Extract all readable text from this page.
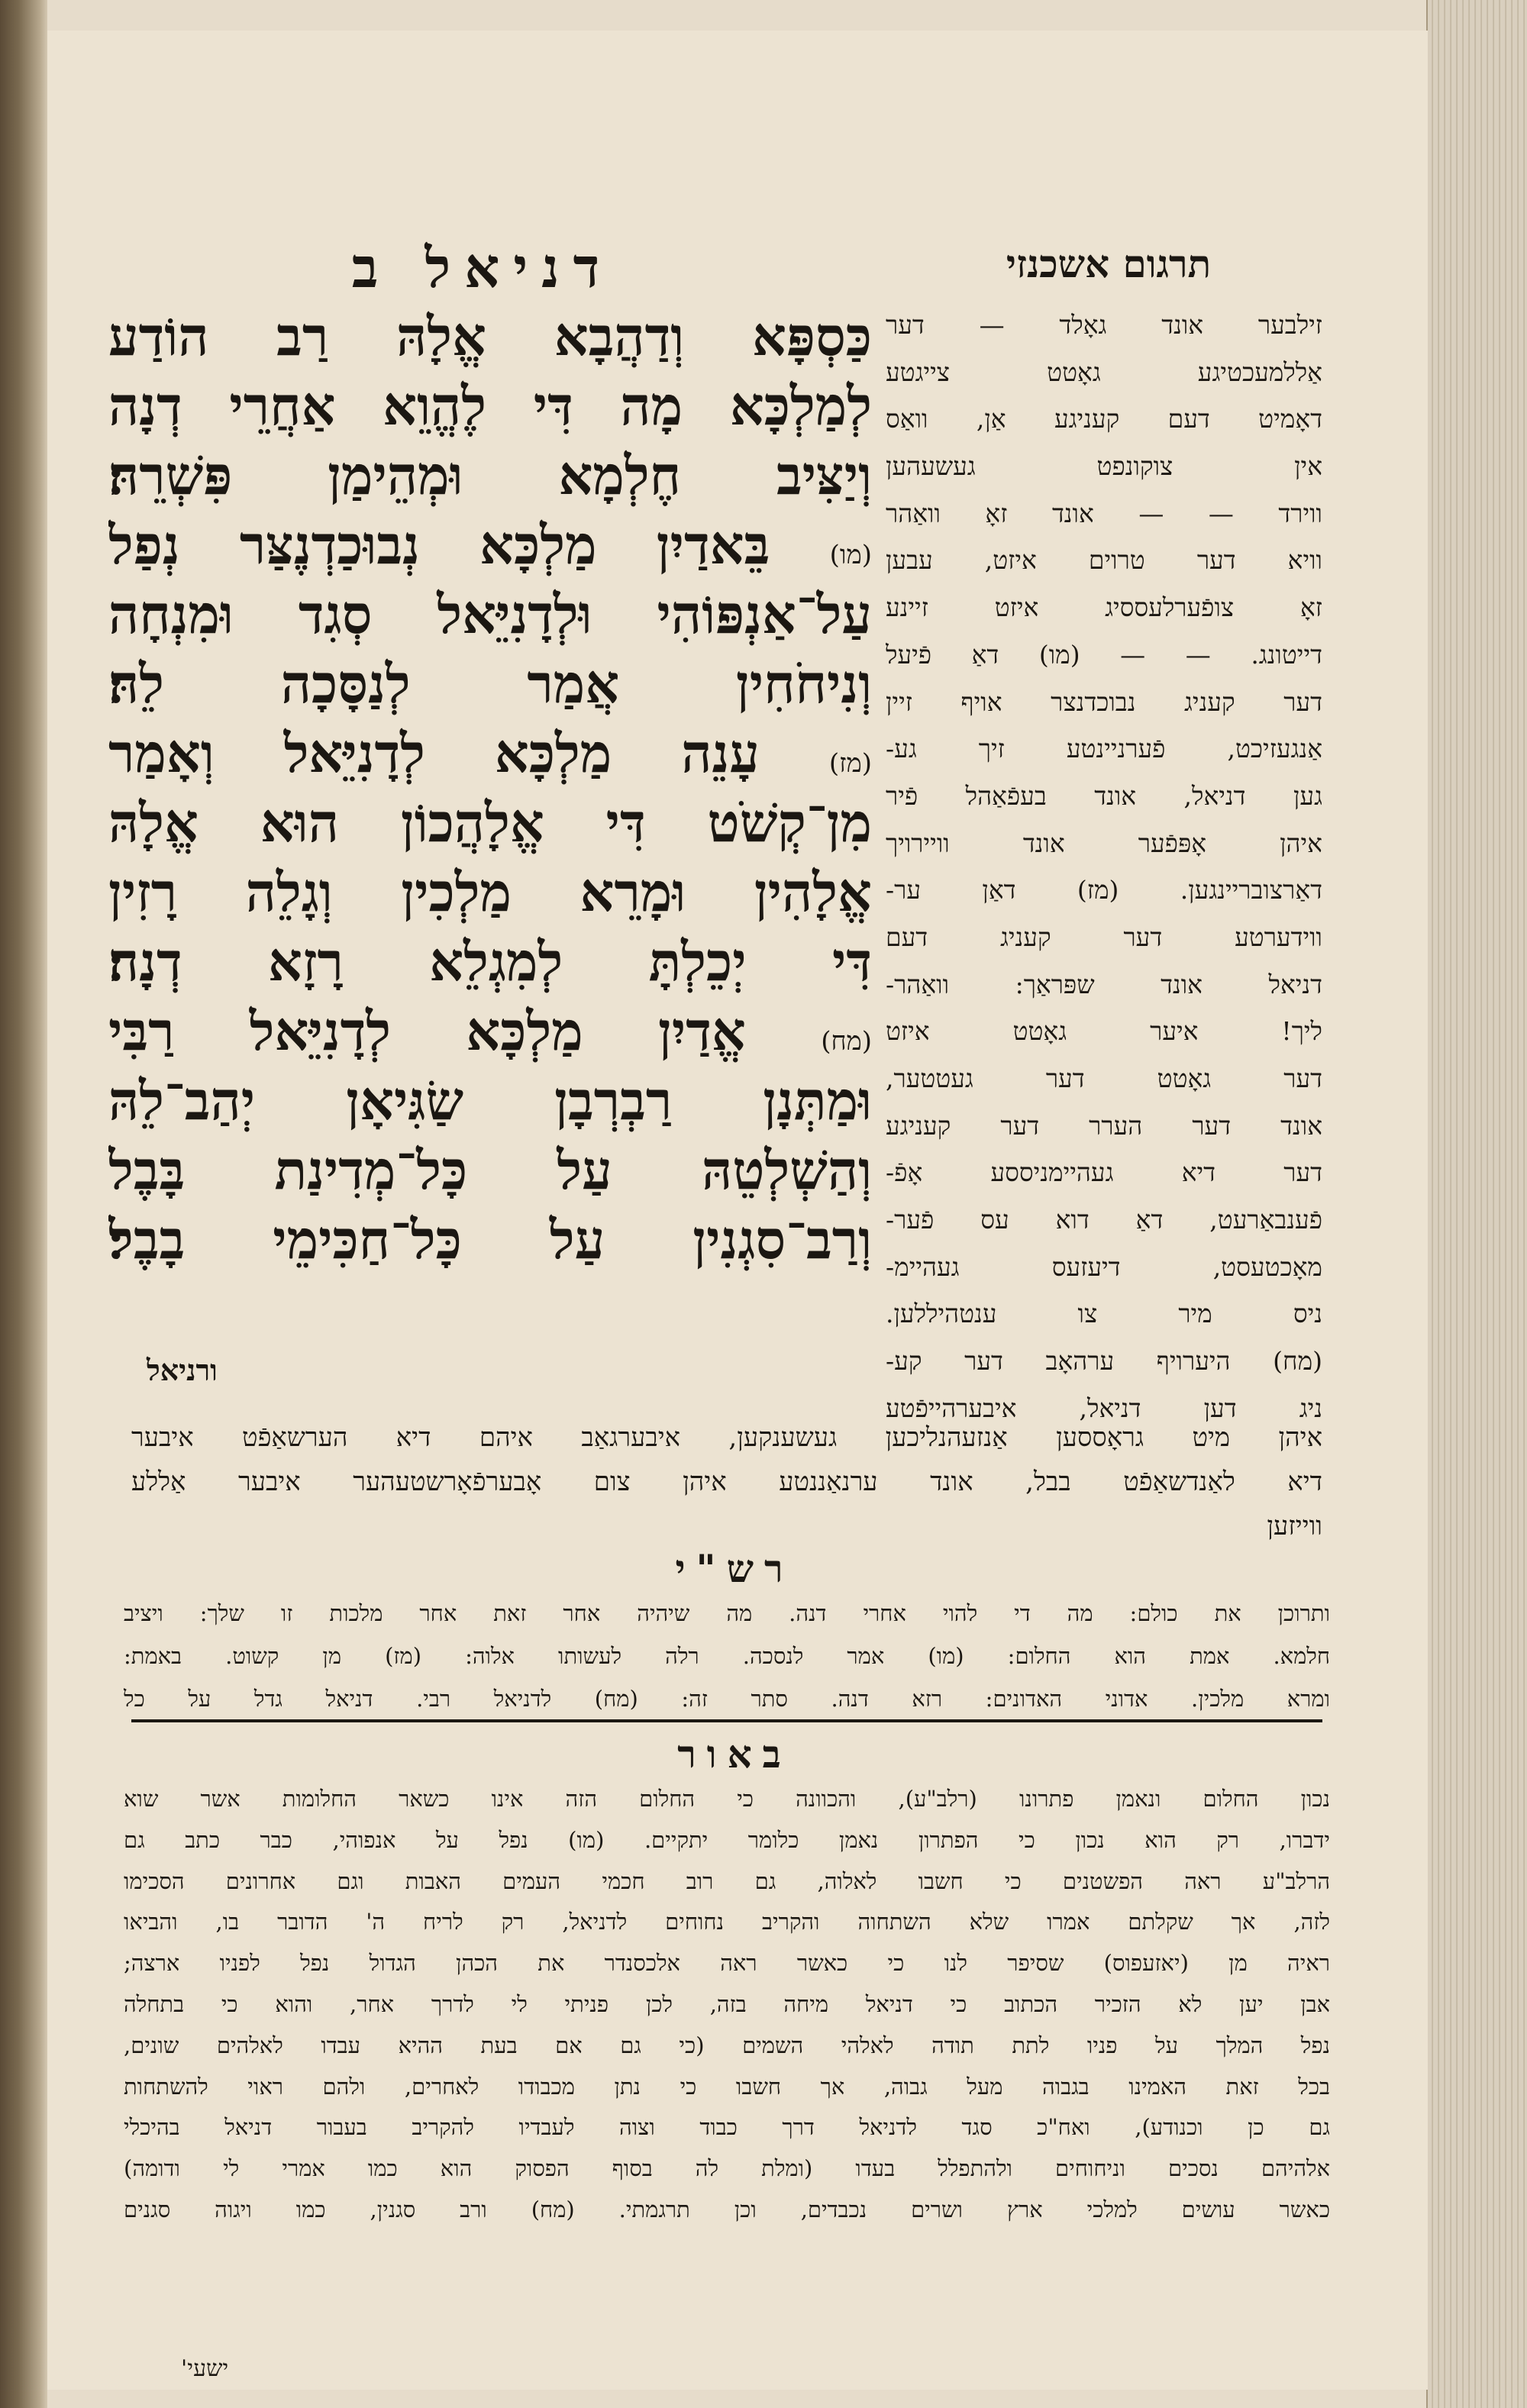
דניאל ב	תרגום אשכנזי
כַּסְפָּא וְדַהֲבָא אֱלָהּ רַב הוֹדַע
לְמַלְכָּא מָה דִּי לֶהֱוֵא אַחֲרֵי דְנָה
וְיַצִּיב חֶלְמָא וּמְהֵימַן פִּשְׁרֵהּ׃
(מו) בֵּאדַיִן מַלְכָּא נְבוּכַדְנֶצַּר נְפַל
עַל־אַנְפּוֹהִי וּלְדָנִיֵּאל סְגִד וּמִנְחָה
וְנִיחֹחִין אֲמַר לְנַסָּכָה לֵהּ׃
(מז) עָנֵה מַלְכָּא לְדָנִיֵּאל וְאָמַר
מִן־קְשֹׁט דִּי אֱלָהֲכוֹן הוּא אֱלָהּ
אֱלָהִין וּמָרֵא מַלְכִין וְגָלֵה רָזִין
דִּי יְכֵלְתָּ לְמִגְלֵא רָזָא דְנָה׃
(מח) אֱדַיִן מַלְכָּא לְדָנִיֵּאל רַבִּי
וּמַתְּנָן רַבְרְבָן שַׂגִּיאָן יְהַב־לֵהּ
וְהַשְׁלְטֵהּ עַל כָּל־מְדִינַת בָּבֶל
וְרַב־סִגְנִין עַל כָּל־חַכִּימֵי בָבֶל׃
ורניאל
זילבער אונד גאָלד — דער
אַללמעכטיגע גאָטט צייגטע
דאָמיט דעם קעניגע אַן, וואַס
אין צוקונפט געשעהען
ווירד — — אונד זאָ וואַהר
וויא דער טרוים איזט, עבען
זאָ צופֿערלעססיג איזט זיינע
דייטונג. — — (מו) דאַ פֿיעל
דער קעניג נבוכדנצר אויף זיין
אַנגעזיכט, פֿערניינטע זיך גע-
גען דניאל, אונד בעפֿאַהל פֿיר
איהן אָפּפֿער אונד וויירויך
דאַרצובריינגען. (מז) דאַן ער-
ווידערטע דער קעניג דעם
דניאל אונד שפּראַך: וואַהר-
ליך! איער גאָטט איזט
דער גאָטט דער געטטער,
אונד דער הערר דער קעניגע
דער דיא געהיימניססע אָפֿ-
פֿענבאַרעט, דאַ דוא עס פֿער-
מאָכטעסט, דיעזעס געהיימ-
ניס מיר צו ענטהיללען.
(מח) היערויף ערהאָב דער קע-
ניג דען דניאל, איבערהייפֿטע
איהן מיט גראָססען אַנזעהנליכען געשענקען, איבערגאַב איהם דיא הערשאַפֿט איבער
דיא לאַנדשאַפֿט בבל, אונד ערנאַננטע איהן צום אָבערפֿאָרשטעהער איבער אַללע
ווייזען
רש"י
ותרוכן את כולם: מה די להוי אחרי דנה. מה שיהיה אחר זאת אחר מלכות זו שלך: ויציב
חלמא. אמת הוא החלום: (מו) אמר לנסכה. רלה לעשותו אלוה: (מז) מן קשוט. באמת:
ומרא מלכין. אדוני האדונים: רזא דנה. סתר זה: (מח) לדניאל רבי. דניאל גדל על כל
באור
נכון החלום ונאמן פתרונו (רלב"ע), והכוונה כי החלום הזה אינו כשאר החלומות אשר שוא
ידברו, רק הוא נכון כי הפתרון נאמן כלומר יתקיים. (מו) נפל על אנפוהי, כבר כתב גם
הרלב"ע ראה הפשטנים כי חשבו לאלוה, גם רוב חכמי העמים האבות וגם אחרונים הסכימו
לזה, אך שקלתם אמרו שלא השתחוה והקריב נחוחים לדניאל, רק לריח ה' הדובר בו, והביאו
ראיה מן (יאזעפוס) שסיפר לנו כי כאשר ראה אלכסנדר את הכהן הגדול נפל לפניו ארצה;
אבן יען לא הזכיר הכתוב כי דניאל מיחה בזה, לכן פניתי לי לדרך אחר, והוא כי בתחלה
נפל המלך על פניו לתת תודה לאלהי השמים (כי גם אם בעת ההיא עבדו לאלהים שונים,
בכל זאת האמינו בגבוה מעל גבוה, אך חשבו כי נתן מכבודו לאחרים, ולהם ראוי להשתחות
גם כן וכנודע), ואח"כ סגד לדניאל דרך כבוד וצוה לעבדיו להקריב בעבור דניאל בהיכלי
אלהיהם נסכים וניחוחים ולהתפלל בעדו (ומלת לה בסוף הפסוק הוא כמו אמרי לי ודומה)
כאשר עושים למלכי ארץ ושרים נכבדים, וכן תרגמתי. (מח) ורב סגנין, כמו ויגוה סגנים
ישעי'
